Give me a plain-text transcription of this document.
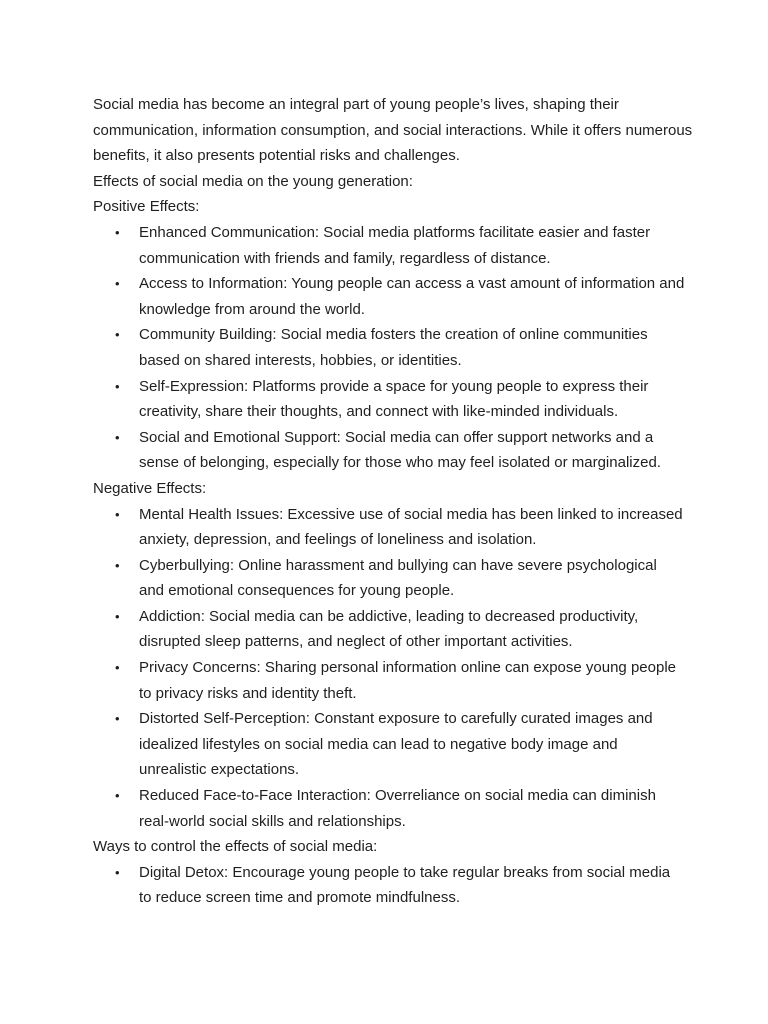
Social media has become an integral part of young people’s lives, shaping their communication, information consumption, and social interactions. While it offers numerous benefits, it also presents potential risks and challenges.

Effects of social media on the young generation:

Positive Effects:

• Enhanced Communication: Social media platforms facilitate easier and faster communication with friends and family, regardless of distance.
• Access to Information: Young people can access a vast amount of information and knowledge from around the world.
• Community Building: Social media fosters the creation of online communities based on shared interests, hobbies, or identities.
• Self-Expression: Platforms provide a space for young people to express their creativity, share their thoughts, and connect with like-minded individuals.
• Social and Emotional Support: Social media can offer support networks and a sense of belonging, especially for those who may feel isolated or marginalized.

Negative Effects:

• Mental Health Issues: Excessive use of social media has been linked to increased anxiety, depression, and feelings of loneliness and isolation.
• Cyberbullying: Online harassment and bullying can have severe psychological and emotional consequences for young people.
• Addiction: Social media can be addictive, leading to decreased productivity, disrupted sleep patterns, and neglect of other important activities.
• Privacy Concerns: Sharing personal information online can expose young people to privacy risks and identity theft.
• Distorted Self-Perception: Constant exposure to carefully curated images and idealized lifestyles on social media can lead to negative body image and unrealistic expectations.
• Reduced Face-to-Face Interaction: Overreliance on social media can diminish real-world social skills and relationships.

Ways to control the effects of social media:

• Digital Detox: Encourage young people to take regular breaks from social media to reduce screen time and promote mindfulness.
